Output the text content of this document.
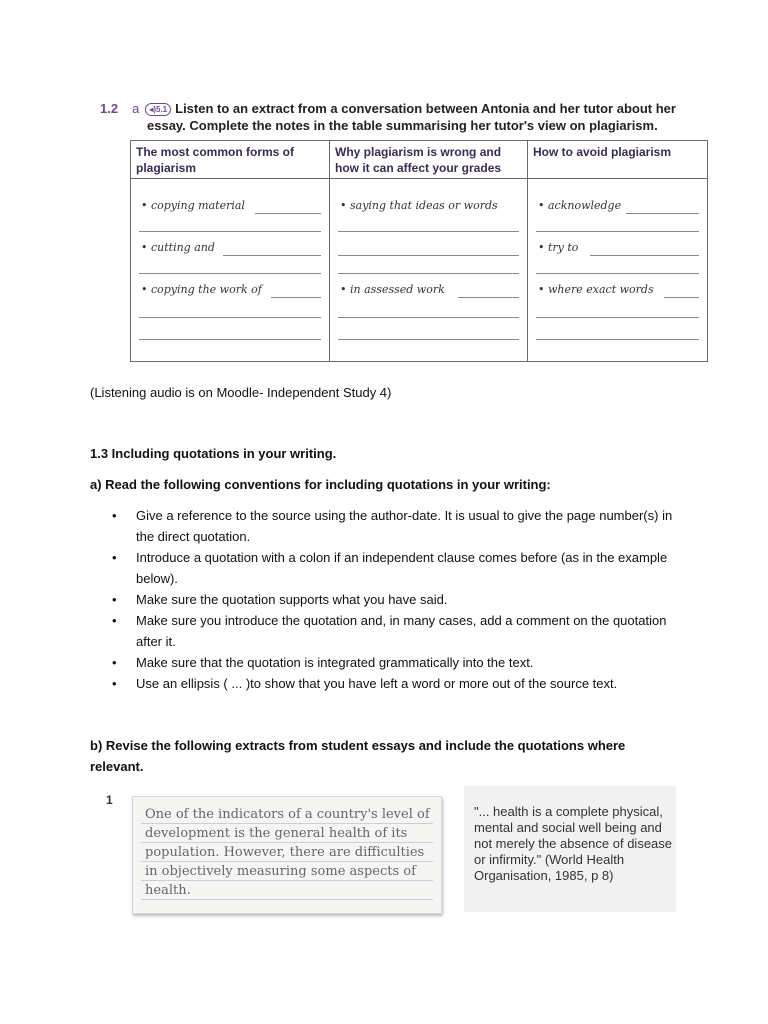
1.2 a ◂)5.1 Listen to an extract from a conversation between Antonia and her tutor about her
essay. Complete the notes in the table summarising her tutor's view on plagiarism.
The most common forms of plagiarism
• copying material
• cutting and
• copying the work of
Why plagiarism is wrong and how it can affect your grades
• saying that ideas or words
• in assessed work
How to avoid plagiarism
• acknowledge
• try to
• where exact words
(Listening audio is on Moodle- Independent Study 4)
1.3 Including quotations in your writing.
a) Read the following conventions for including quotations in your writing:
• Give a reference to the source using the author-date. It is usual to give the page number(s) in the direct quotation.
• Introduce a quotation with a colon if an independent clause comes before (as in the example below).
• Make sure the quotation supports what you have said.
• Make sure you introduce the quotation and, in many cases, add a comment on the quotation after it.
• Make sure that the quotation is integrated grammatically into the text.
• Use an ellipsis ( ... )to show that you have left a word or more out of the source text.
b) Revise the following extracts from student essays and include the quotations where relevant.
1
One of the indicators of a country's level of development is the general health of its population. However, there are difficulties in objectively measuring some aspects of health.
"... health is a complete physical, mental and social well being and not merely the absence of disease or infirmity." (World Health Organisation, 1985, p 8)
